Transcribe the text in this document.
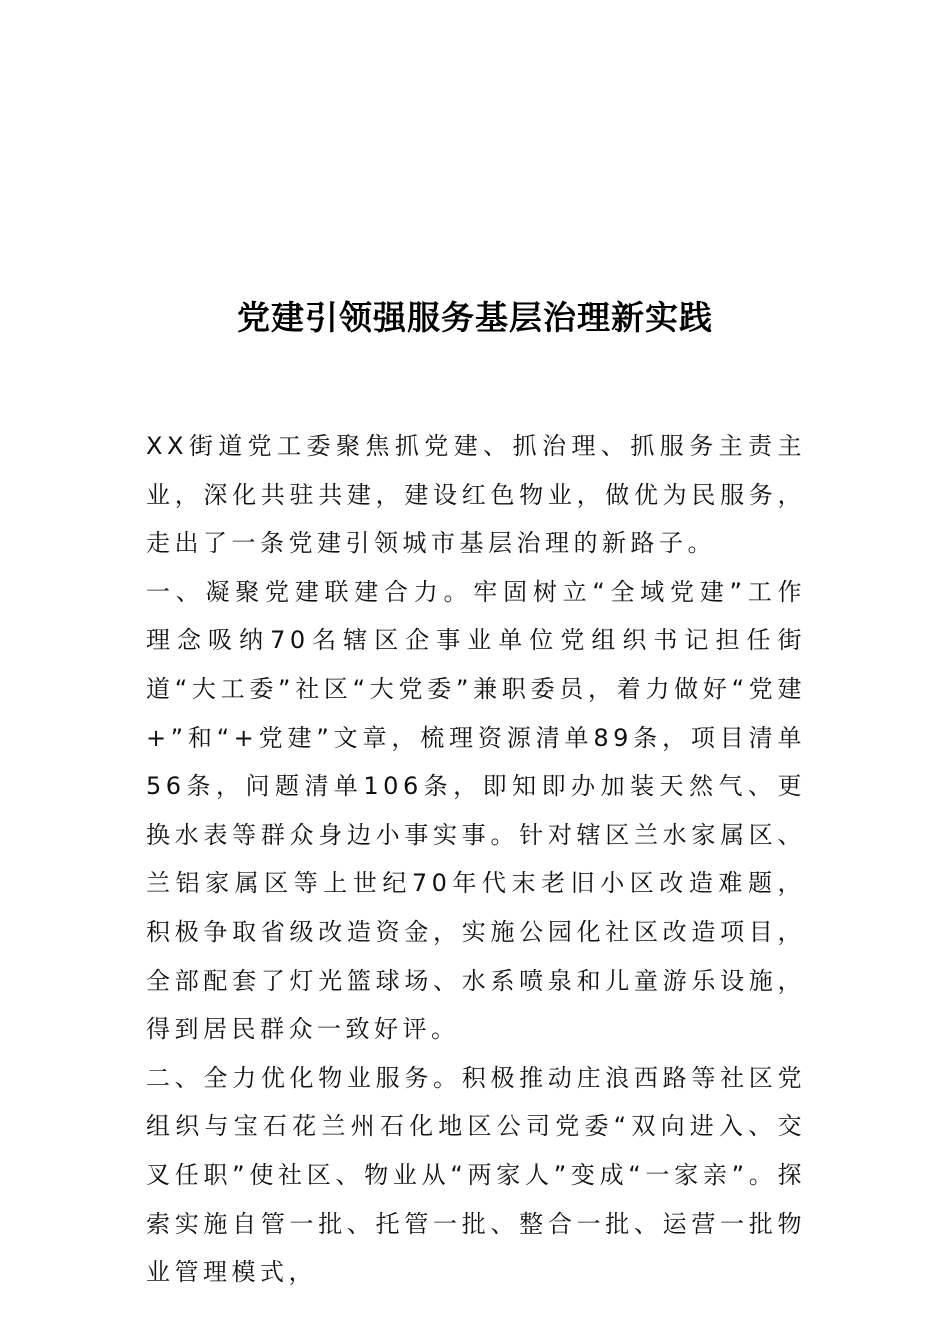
党建引领强服务基层治理新实践

XX街道党工委聚焦抓党建、抓治理、抓服务主责主业，深化共驻共建，建设红色物业，做优为民服务，走出了一条党建引领城市基层治理的新路子。

一、凝聚党建联建合力。牢固树立“全域党建”工作理念吸纳70名辖区企事业单位党组织书记担任街道“大工委”社区“大党委”兼职委员，着力做好“党建+”和“+党建”文章，梳理资源清单89条，项目清单56条，问题清单106条，即知即办加装天然气、更换水表等群众身边小事实事。针对辖区兰水家属区、兰铝家属区等上世纪70年代末老旧小区改造难题，积极争取省级改造资金，实施公园化社区改造项目，全部配套了灯光篮球场、水系喷泉和儿童游乐设施，得到居民群众一致好评。

二、全力优化物业服务。积极推动庄浪西路等社区党组织与宝石花兰州石化地区公司党委“双向进入、交叉任职”使社区、物业从“两家人”变成“一家亲”。探索实施自管一批、托管一批、整合一批、运营一批物业管理模式，
